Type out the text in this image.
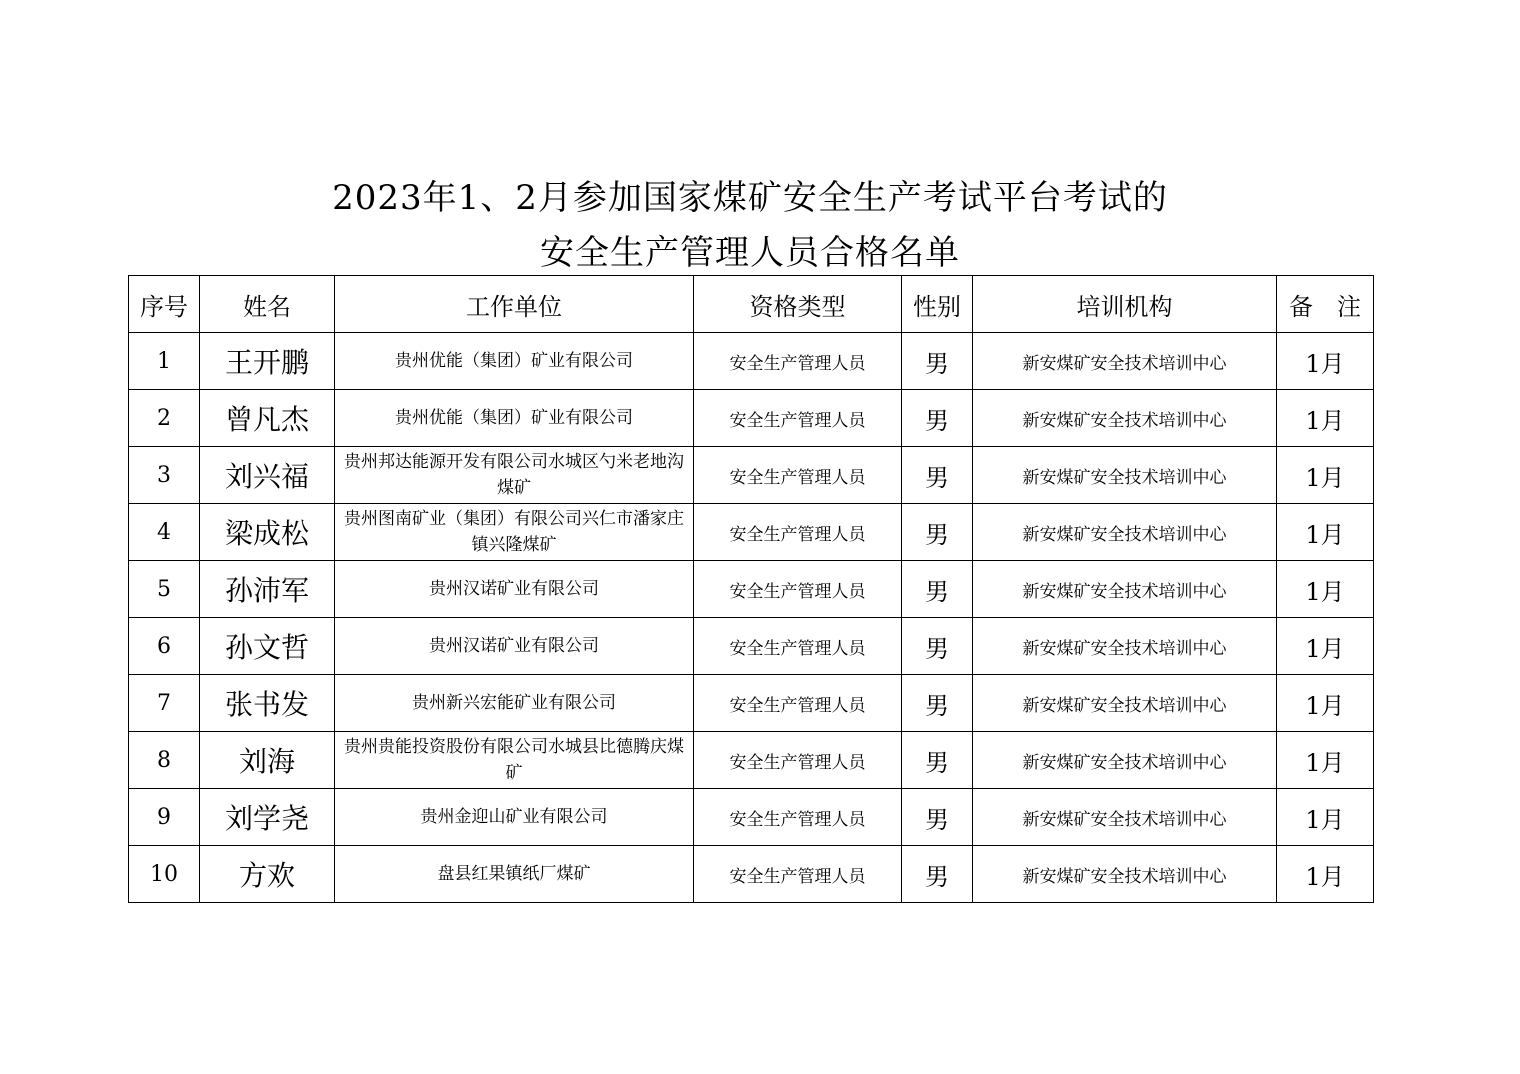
2023年1、2月参加国家煤矿安全生产考试平台考试的
安全生产管理人员合格名单
序号	姓名	工作单位	资格类型	性别	培训机构	备　注
1	王开鹏	贵州优能（集团）矿业有限公司	安全生产管理人员	男	新安煤矿安全技术培训中心	1月
2	曾凡杰	贵州优能（集团）矿业有限公司	安全生产管理人员	男	新安煤矿安全技术培训中心	1月
3	刘兴福	贵州邦达能源开发有限公司水城区勺米老地沟煤矿	安全生产管理人员	男	新安煤矿安全技术培训中心	1月
4	梁成松	贵州图南矿业（集团）有限公司兴仁市潘家庄镇兴隆煤矿	安全生产管理人员	男	新安煤矿安全技术培训中心	1月
5	孙沛军	贵州汉诺矿业有限公司	安全生产管理人员	男	新安煤矿安全技术培训中心	1月
6	孙文哲	贵州汉诺矿业有限公司	安全生产管理人员	男	新安煤矿安全技术培训中心	1月
7	张书发	贵州新兴宏能矿业有限公司	安全生产管理人员	男	新安煤矿安全技术培训中心	1月
8	刘海	贵州贵能投资股份有限公司水城县比德腾庆煤矿	安全生产管理人员	男	新安煤矿安全技术培训中心	1月
9	刘学尧	贵州金迎山矿业有限公司	安全生产管理人员	男	新安煤矿安全技术培训中心	1月
10	方欢	盘县红果镇纸厂煤矿	安全生产管理人员	男	新安煤矿安全技术培训中心	1月
